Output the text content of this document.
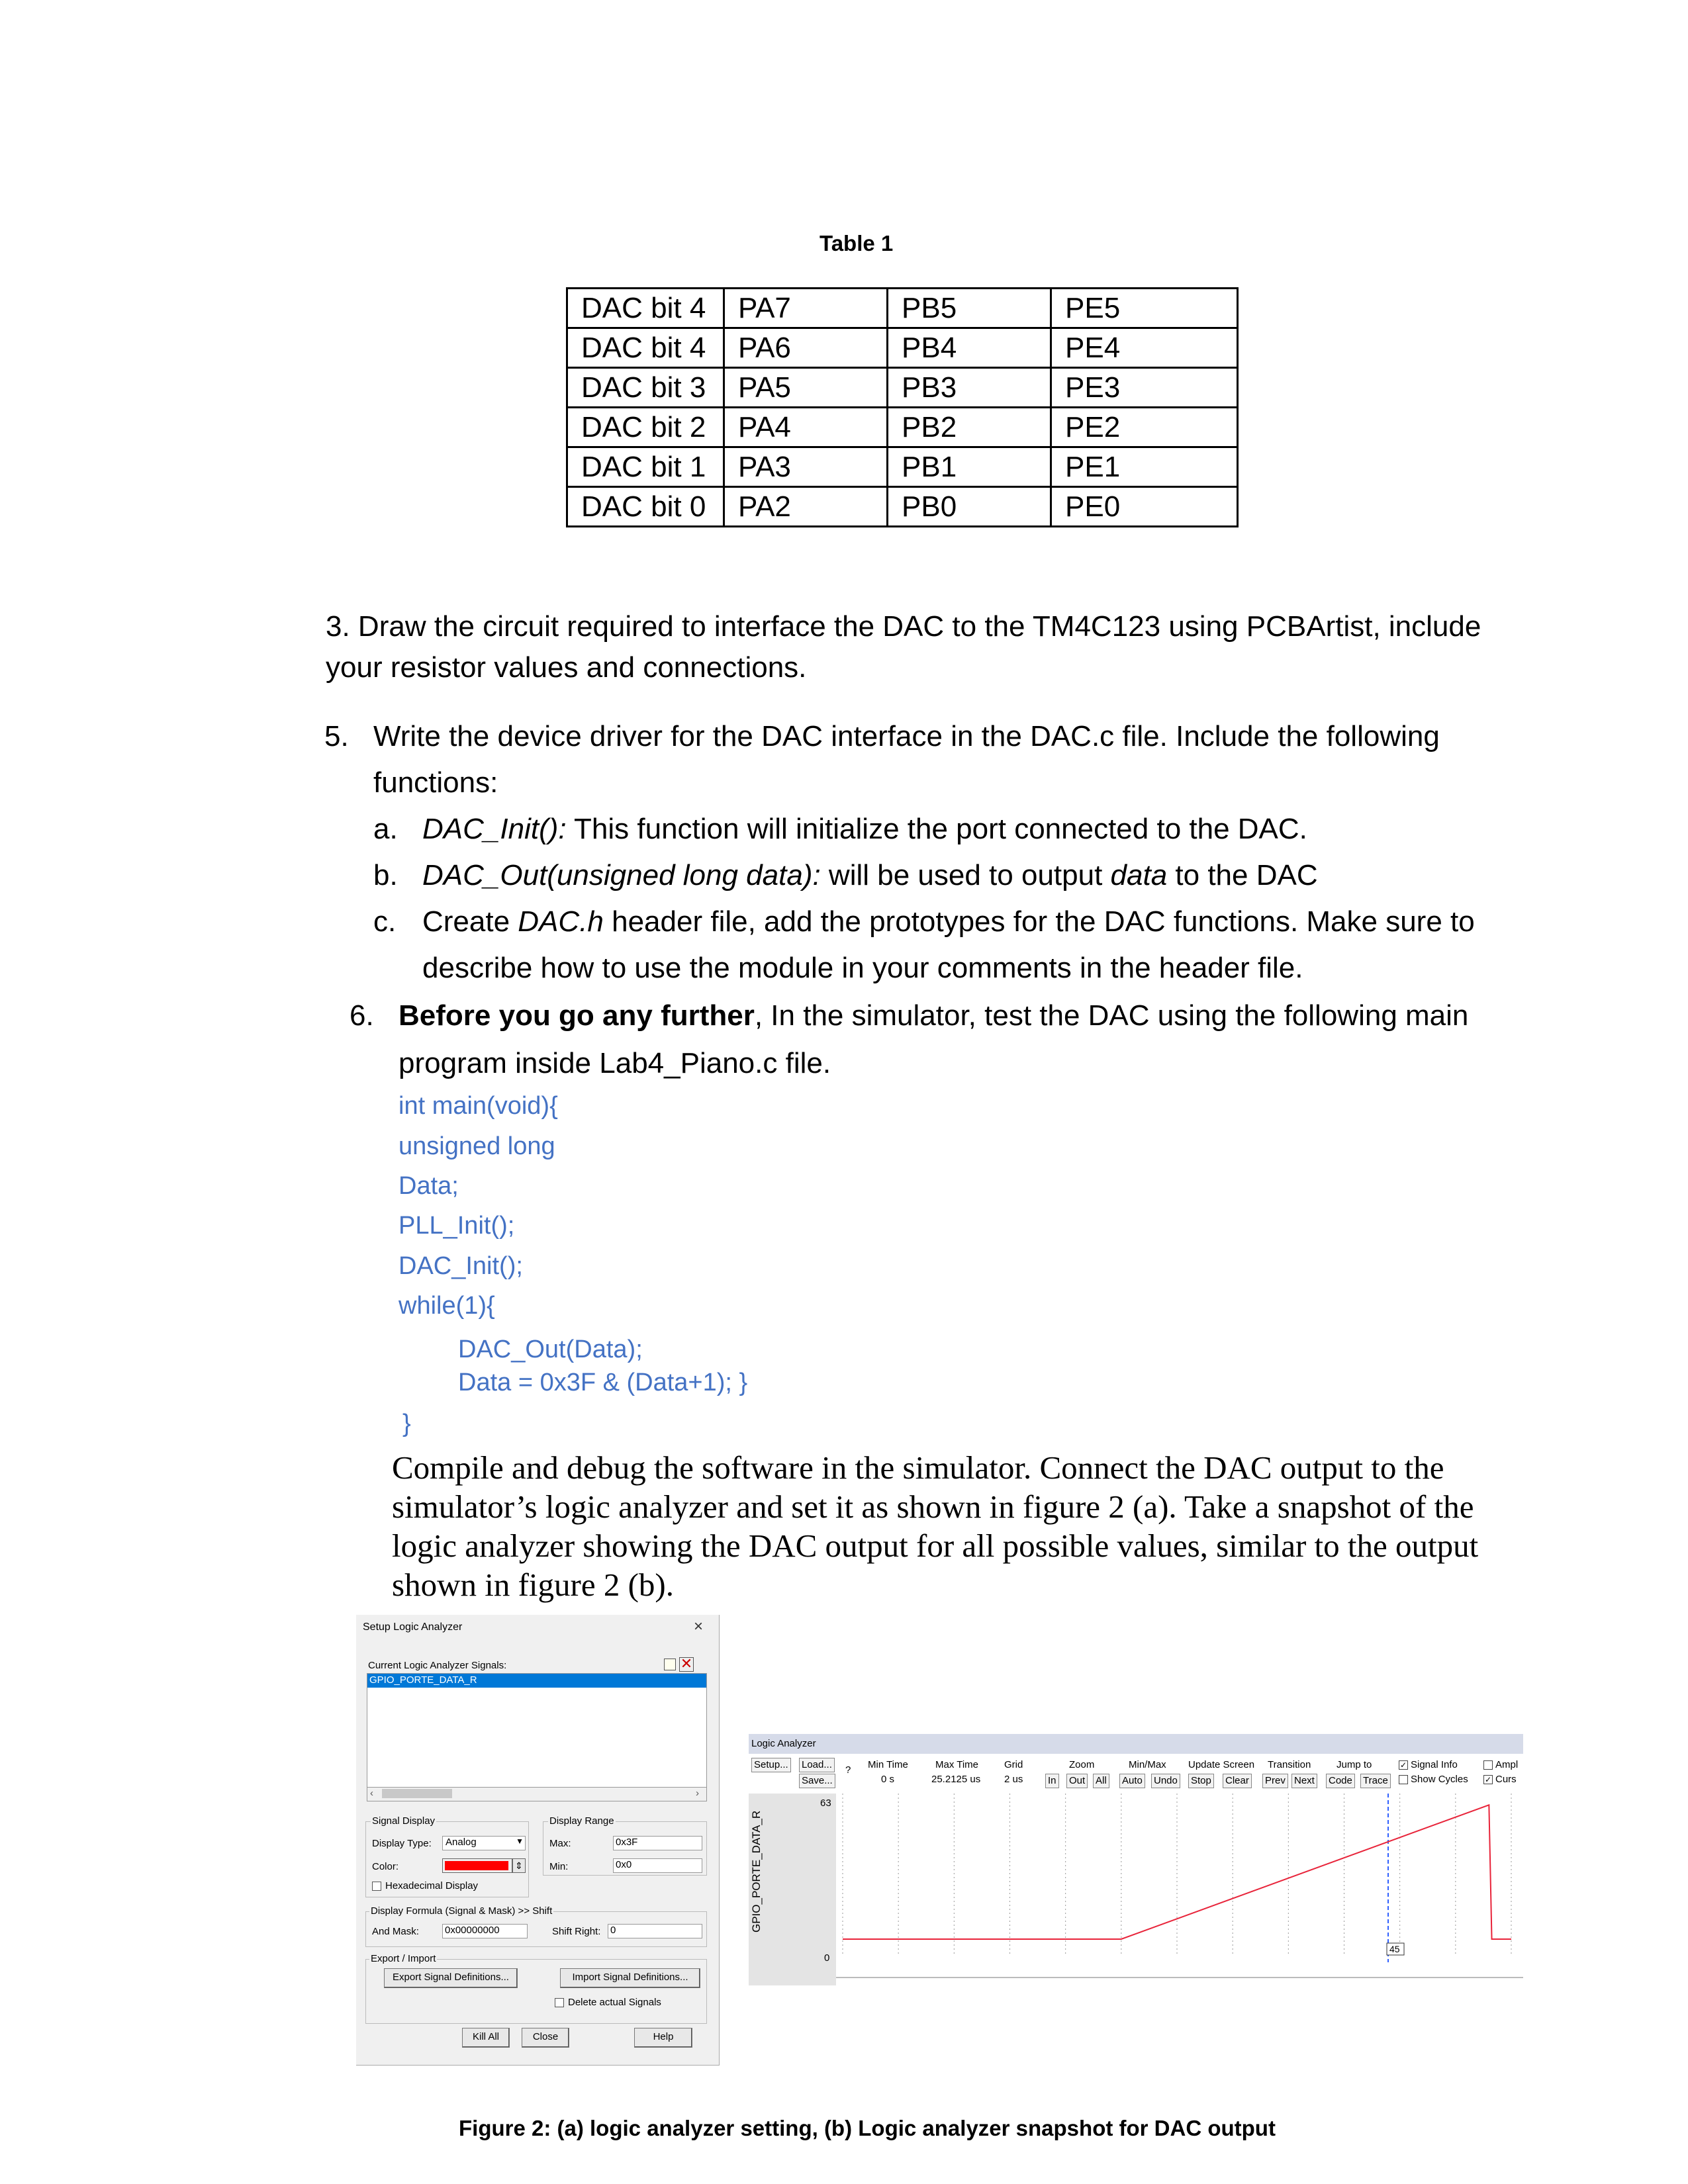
Table 1
DAC bit 4	PA7	PB5	PE5
DAC bit 4	PA6	PB4	PE4
DAC bit 3	PA5	PB3	PE3
DAC bit 2	PA4	PB2	PE2
DAC bit 1	PA3	PB1	PE1
DAC bit 0	PA2	PB0	PE0
3. Draw the circuit required to interface the DAC to the TM4C123 using PCBArtist, include
your resistor values and connections.
5. Write the device driver for the DAC interface in the DAC.c file. Include the following
functions:
a. DAC_Init(): This function will initialize the port connected to the DAC.
b. DAC_Out(unsigned long data): will be used to output data to the DAC
c. Create DAC.h header file, add the prototypes for the DAC functions. Make sure to
describe how to use the module in your comments in the header file.
6. Before you go any further, In the simulator, test the DAC using the following main
program inside Lab4_Piano.c file.
int main(void){
unsigned long
Data;
PLL_Init();
DAC_Init();
while(1){
DAC_Out(Data);
Data = 0x3F & (Data+1); }
}
Compile and debug the software in the simulator. Connect the DAC output to the
simulator’s logic analyzer and set it as shown in figure 2 (a). Take a snapshot of the
logic analyzer showing the DAC output for all possible values, similar to the output
shown in figure 2 (b).
Setup Logic Analyzer	×
Current Logic Analyzer Signals:	✕
GPIO_PORTE_DATA_R
‹	›
Signal Display
Display Type:	Analog	▼
Color:	⇕
Hexadecimal Display
Display Range
Max:	0x3F
Min:	0x0
Display Formula (Signal & Mask) >> Shift
And Mask:	0x00000000	Shift Right: 0
Export / Import
Export Signal Definitions...	Import Signal Definitions...
Delete actual Signals
Kill All	Close	Help
Logic Analyzer
Setup... Load...
Save...
? Min Time
0 s
Max Time
25.2125 us
Grid
2 us
Zoom
In Out All
Min/Max
Auto Undo
Update Screen
Stop Clear
Transition
Prev Next
Jump to
Code Trace
✓ Signal Info
Show Cycles
Ampl
✓ Curs
GPIO_PORTE_DATA_R
63
0
45
Figure 2: (a) logic analyzer setting, (b) Logic analyzer snapshot for DAC output
